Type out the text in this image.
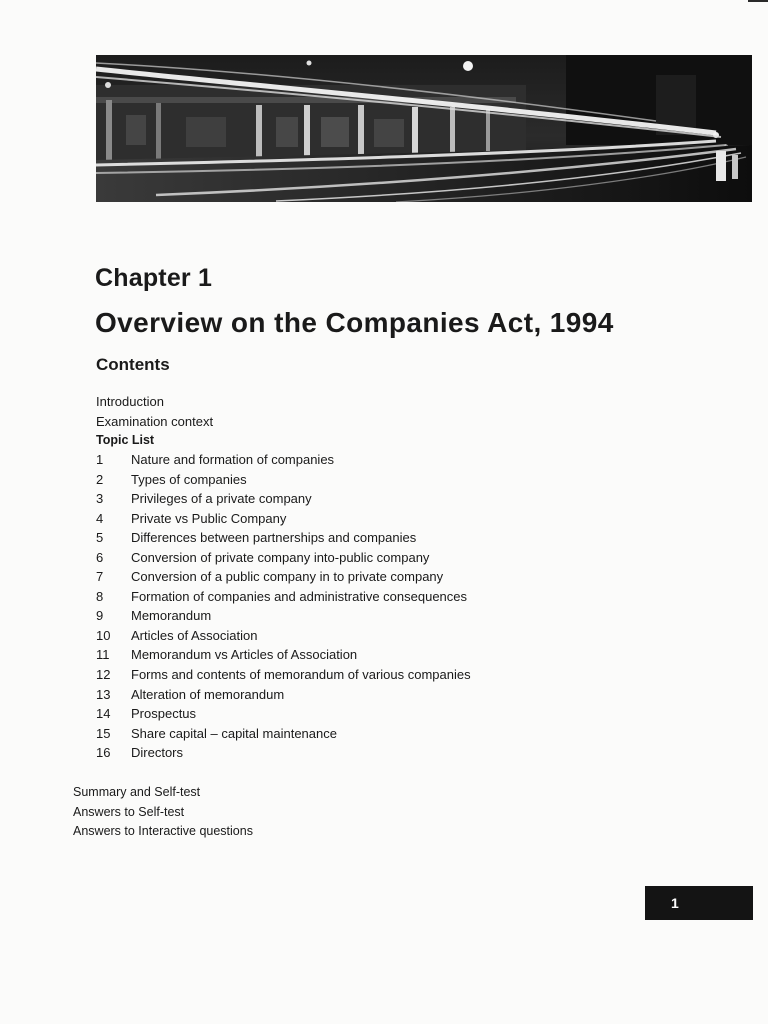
Chapter 1
Overview on the Companies Act, 1994
Contents
Introduction
Examination context
Topic List
1 Nature and formation of companies
2 Types of companies
3 Privileges of a private company
4 Private vs Public Company
5 Differences between partnerships and companies
6 Conversion of private company into-public company
7 Conversion of a public company in to private company
8 Formation of companies and administrative consequences
9 Memorandum
10 Articles of Association
11 Memorandum vs Articles of Association
12 Forms and contents of memorandum of various companies
13 Alteration of memorandum
14 Prospectus
15 Share capital – capital maintenance
16 Directors
Summary and Self-test
Answers to Self-test
Answers to Interactive questions
1
